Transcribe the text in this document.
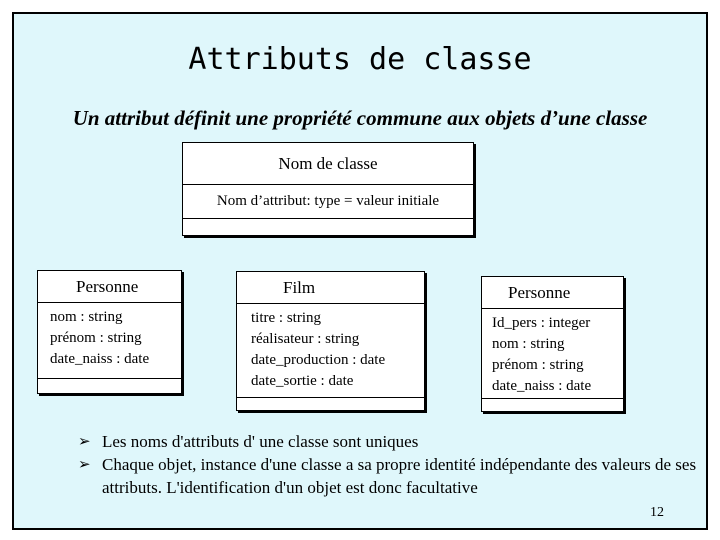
Attributs de classe
Un attribut définit une propriété commune aux objets d’une classe
Nom de classe
Nom d’attribut: type = valeur initiale
Personne
nom : string
prénom : string
date_naiss : date
Film
titre : string
réalisateur : string
date_production : date
date_sortie : date
Personne
Id_pers : integer
nom : string
prénom : string
date_naiss : date
➢ Les noms d'attributs d' une classe sont uniques
➢ Chaque objet, instance d'une classe a sa propre identité indépendante des valeurs de ses attributs. L'identification d'un objet est donc facultative
12
